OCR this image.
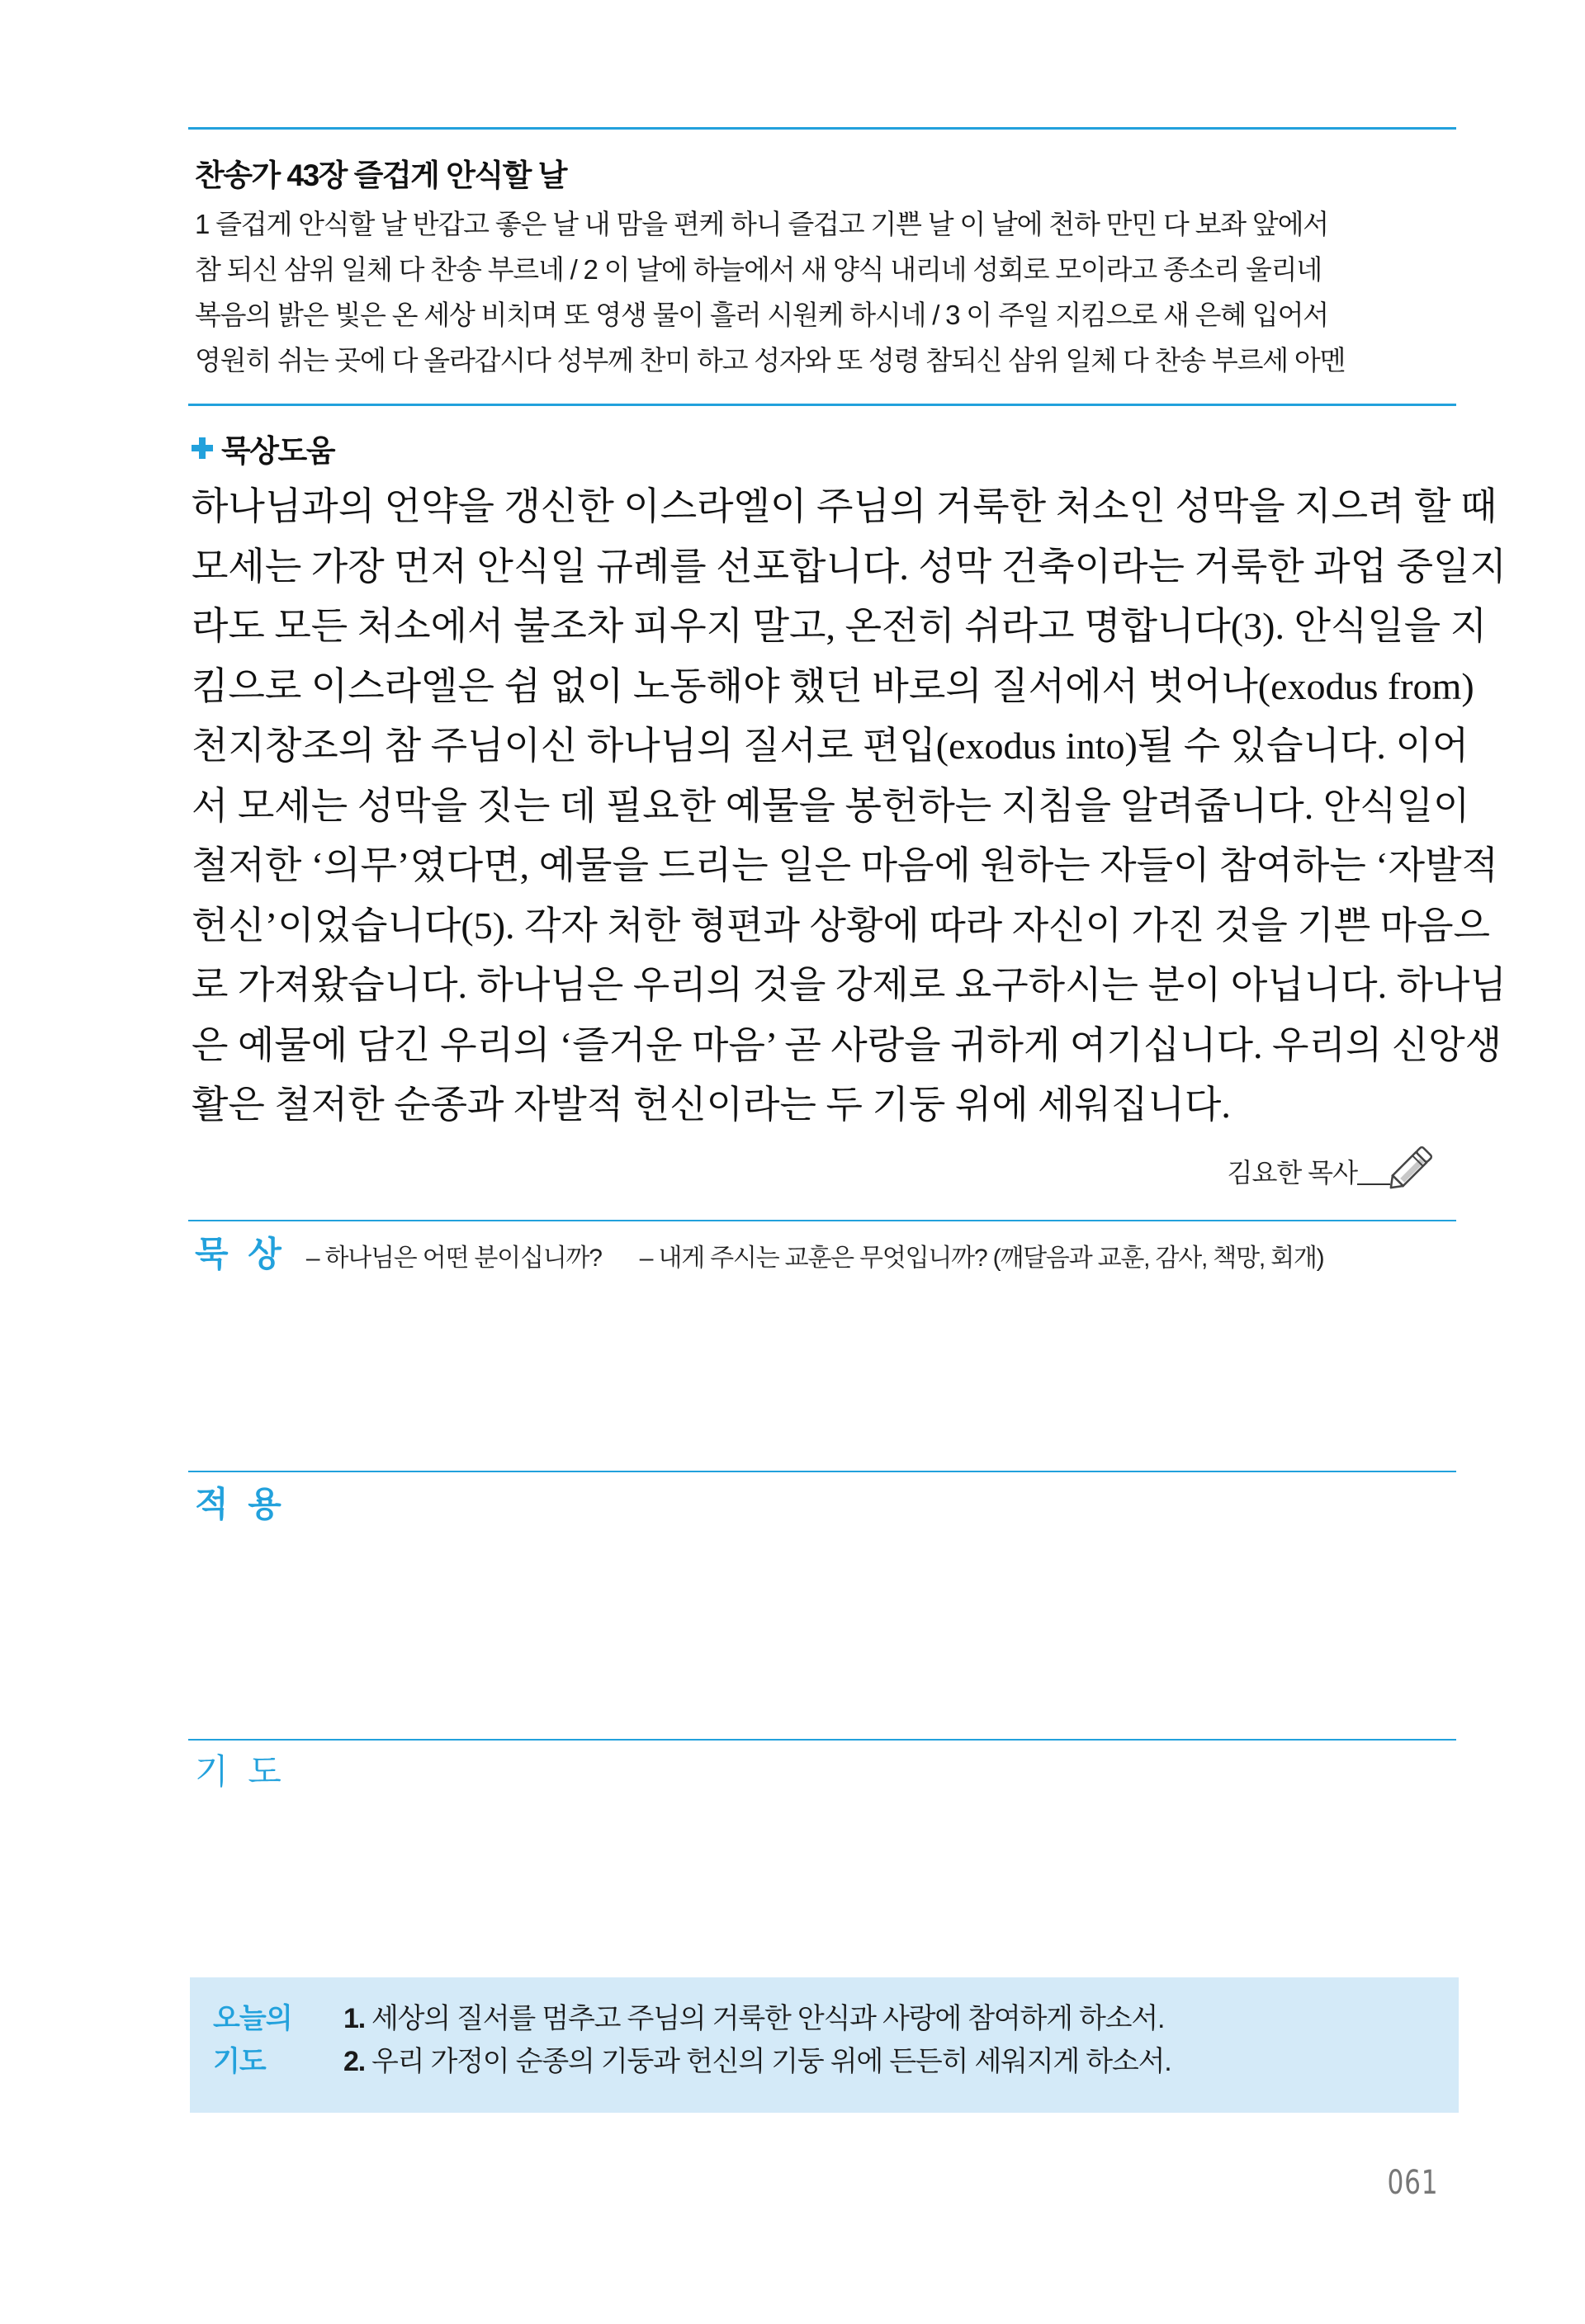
찬송가 43장 즐겁게 안식할 날
1 즐겁게 안식할 날 반갑고 좋은 날 내 맘을 편케 하니 즐겁고 기쁜 날 이 날에 천하 만민 다 보좌 앞에서
참 되신 삼위 일체 다 찬송 부르네 / 2 이 날에 하늘에서 새 양식 내리네 성회로 모이라고 종소리 울리네
복음의 밝은 빛은 온 세상 비치며 또 영생 물이 흘러 시원케 하시네 / 3 이 주일 지킴으로 새 은혜 입어서
영원히 쉬는 곳에 다 올라갑시다 성부께 찬미 하고 성자와 또 성령 참되신 삼위 일체 다 찬송 부르세 아멘
묵상도움
하나님과의 언약을 갱신한 이스라엘이 주님의 거룩한 처소인 성막을 지으려 할 때
모세는 가장 먼저 안식일 규례를 선포합니다. 성막 건축이라는 거룩한 과업 중일지
라도 모든 처소에서 불조차 피우지 말고, 온전히 쉬라고 명합니다(3). 안식일을 지
킴으로 이스라엘은 쉼 없이 노동해야 했던 바로의 질서에서 벗어나(exodus from)
천지창조의 참 주님이신 하나님의 질서로 편입(exodus into)될 수 있습니다. 이어
서 모세는 성막을 짓는 데 필요한 예물을 봉헌하는 지침을 알려줍니다. 안식일이
철저한 ‘의무’였다면, 예물을 드리는 일은 마음에 원하는 자들이 참여하는 ‘자발적
헌신’이었습니다(5). 각자 처한 형편과 상황에 따라 자신이 가진 것을 기쁜 마음으
로 가져왔습니다. 하나님은 우리의 것을 강제로 요구하시는 분이 아닙니다. 하나님
은 예물에 담긴 우리의 ‘즐거운 마음’ 곧 사랑을 귀하게 여기십니다. 우리의 신앙생
활은 철저한 순종과 자발적 헌신이라는 두 기둥 위에 세워집니다.
김요한 목사
묵 상 – 하나님은 어떤 분이십니까? – 내게 주시는 교훈은 무엇입니까? (깨달음과 교훈, 감사, 책망, 회개)
적 용
기 도
오늘의
기도
1. 세상의 질서를 멈추고 주님의 거룩한 안식과 사랑에 참여하게 하소서.
2. 우리 가정이 순종의 기둥과 헌신의 기둥 위에 든든히 세워지게 하소서.
061
